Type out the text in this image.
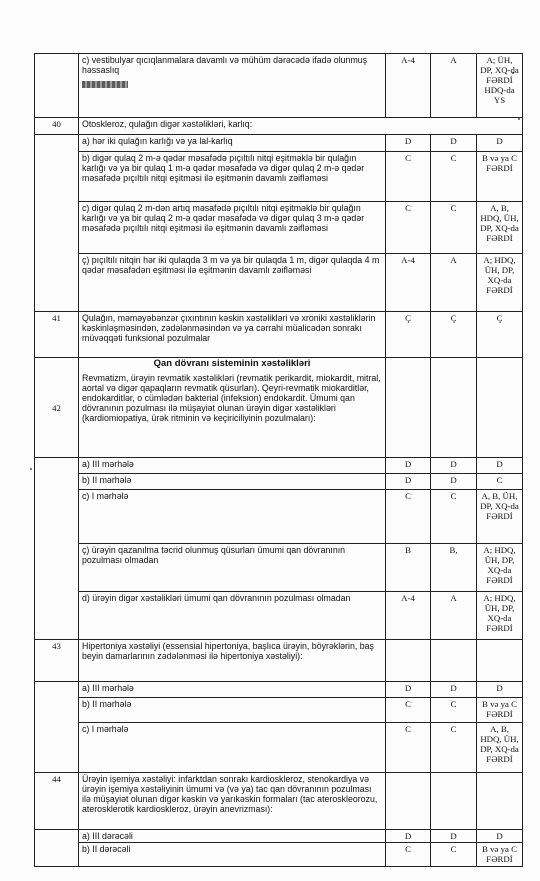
	c) vestibulyar qıcıqlanmalara davamlı və mühüm dərəcədə ifadə olunmuş həssaslıq	A-4	A	A; ÜH, DP, XQ-da FƏRDİ HDQ-da YS
40	Otoskleroz, qulağın digər xəstəlikləri, karlıq:			
	a) hər iki qulağın karlığı və ya lal-karlıq	D	D	D
	b) digər qulaq 2 m-ə qədər məsafədə pıçıltılı nitqi eşitməklə bir qulağın karlığı və ya bir qulaq 1 m-ə qədər məsafədə və digər qulaq 2 m-ə qədər məsafədə pıçıltılı nitqi eşitməsi ilə eşitmənin davamlı zəifləməsi	C	C	B və ya C FƏRDİ
	c) digər qulaq 2 m-dən artıq məsafədə pıçıltılı nitqi eşitməklə bir qulağın karlığı və ya bir qulaq 2 m-ə qədər məsafədə və digər qulaq 3 m-ə qədər məsafədə pıçıltılı nitqi eşitməsi ilə eşitmənin davamlı zəifləməsi	C	C	A, B, HDQ, ÜH, DP, XQ-da FƏRDİ
	ç) pıçıltılı nitqin hər iki qulaqda 3 m və ya bir qulaqda 1 m, digər qulaqda 4 m qədər məsafədən eşitməsi ilə eşitmənin davamlı zəifləməsi	A-4	A	A; HDQ, ÜH, DP, XQ-da FƏRDİ
41	Qulağın, məməyəbənzər çıxıntının kəskin xəstəlikləri və xroniki xəstəliklərin kəskinləşməsindən, zədələnməsindən və ya cərrahi müalicədən sonrakı müvəqqəti funksional pozulmalar	Ç	Ç	Ç
42	Qan dövranı sisteminin xəstəlikləri
Revmatizm, ürəyin revmatik xəstəlikləri (revmatik perikardit, miokardit, mitral, aortal və digər qapaqların revmatik qüsurları). Qeyri-revmatik miokarditlər, endokarditlər, o cümlədən bakterial (infeksion) endokardit. Ümumi qan dövranının pozulması ilə müşayiət olunan ürəyin digər xəstəlikləri (kardiomiopatiya, ürək ritminin və keçiriciliyinin pozulmaları):			
	a) III mərhələ	D	D	D
	b) II mərhələ	D	D	C
	c) I mərhələ	C	C	A, B, ÜH, DP, XQ-da FƏRDİ
	ç) ürəyin qazanılma təcrid olunmuş qüsurları ümumi qan dövranının pozulması olmadan	B	B,	A; HDQ, ÜH, DP, XQ-da FƏRDİ
	d) ürəyin digər xəstəlikləri ümumi qan dövranının pozulması olmadan	A-4	A	A; HDQ, ÜH, DP, XQ-da FƏRDİ
43	Hipertoniya xəstəliyi (essensial hipertoniya, başlıca ürəyin, böyrəklərin, baş beyin damarlarının zədələnməsi ilə hipertoniya xəstəliyi):			
	a) III mərhələ	D	D	D
	b) II mərhələ	C	C	B və ya C FƏRDİ
	c) I mərhələ	C	C	A, B, HDQ, ÜH, DP, XQ-da FƏRDİ
44	Ürəyin işemiya xəstəliyi: infarktdan sonrakı kardioskleroz, stenokardiya və ürəyin işemiya xəstəliyinin ümumi və (və ya) tac qan dövranının pozulması ilə müşayiət olunan digər kəskin və yarıkəskin formaları (tac ateroskleorozu, aterosklerotik kardioskleroz, ürəyin anevrizması):			
	a) III dərəcəli	D	D	D
	b) II dərəcəli	C	C	B və ya C FƏRDİ
